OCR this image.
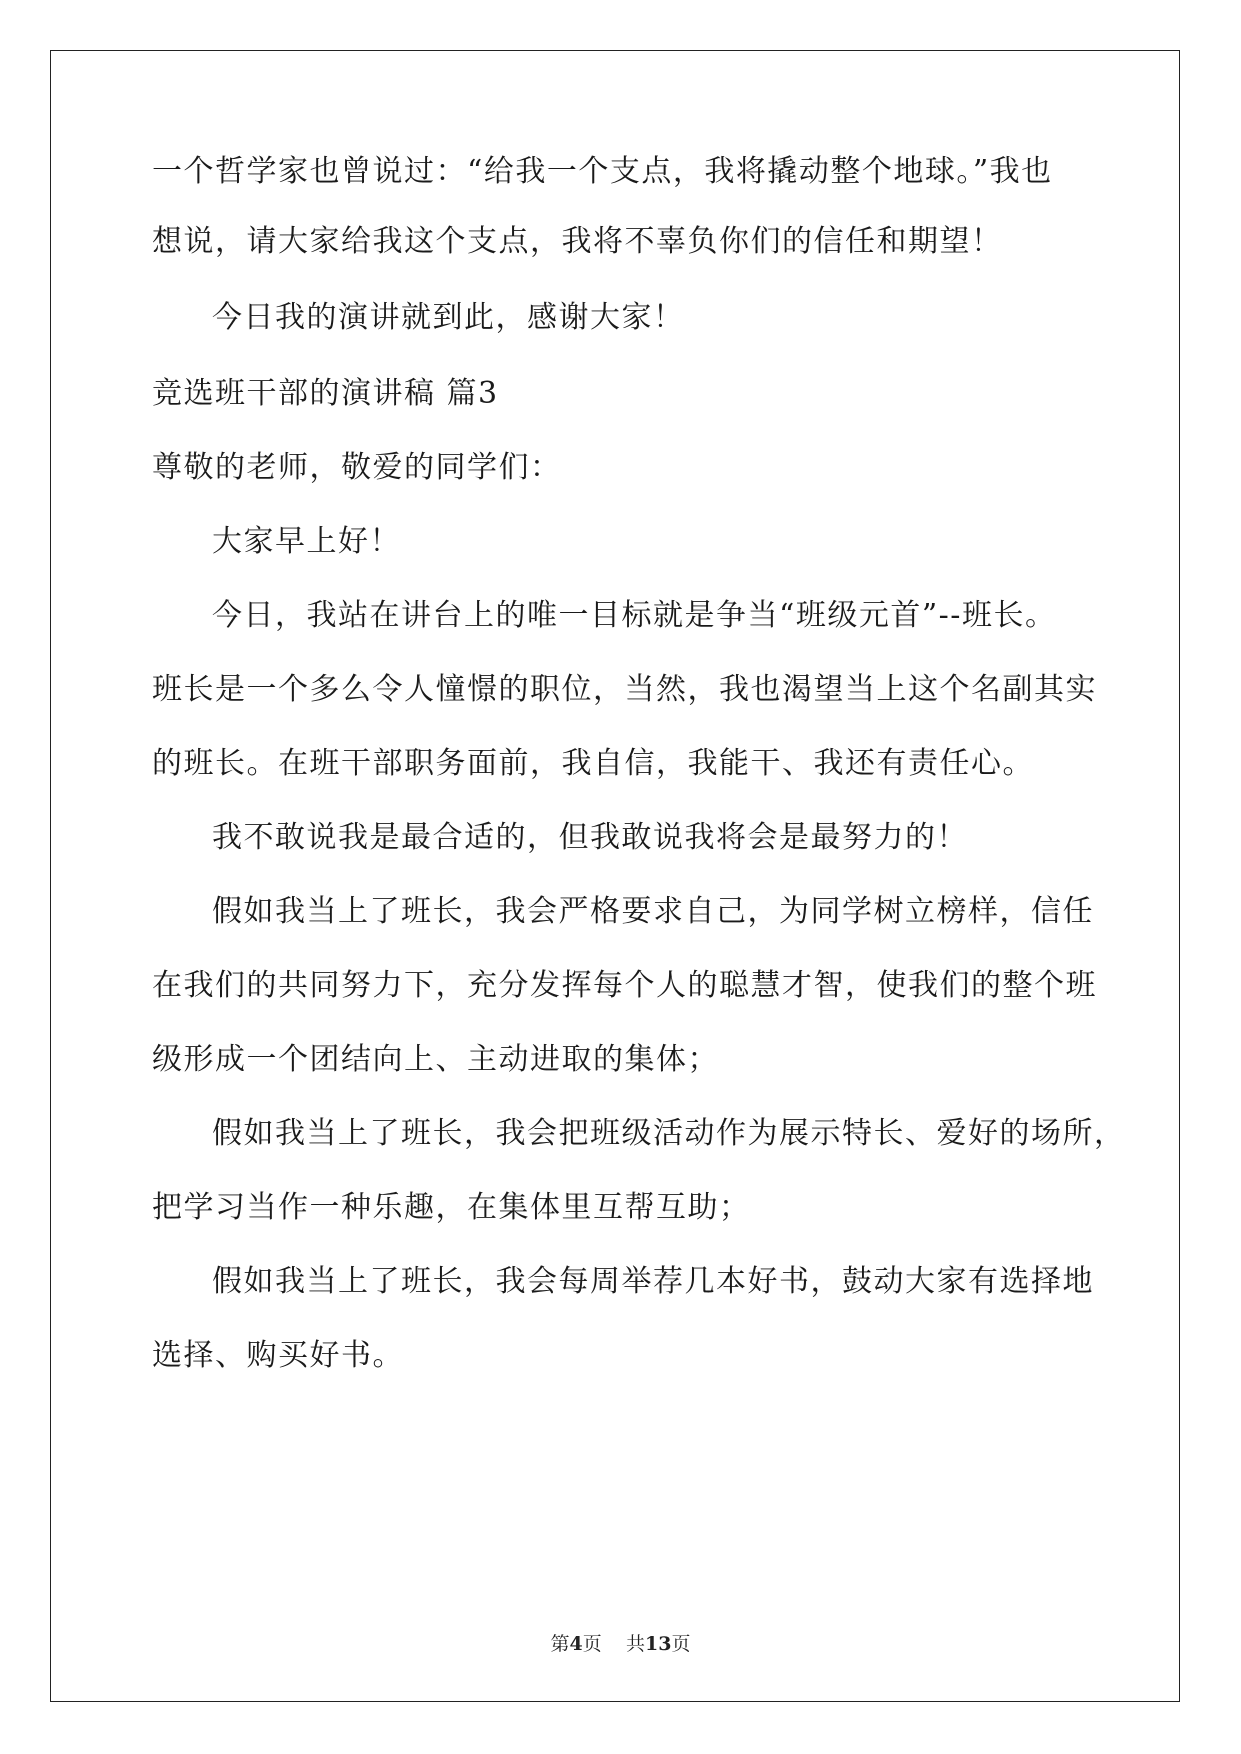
一个哲学家也曾说过：“给我一个支点，我将撬动整个地球。”我也
想说，请大家给我这个支点，我将不辜负你们的信任和期望！
今日我的演讲就到此，感谢大家！
竞选班干部的演讲稿 篇3
尊敬的老师，敬爱的同学们：
大家早上好！
今日，我站在讲台上的唯一目标就是争当“班级元首”--班长。
班长是一个多么令人憧憬的职位，当然，我也渴望当上这个名副其实
的班长。在班干部职务面前，我自信，我能干、我还有责任心。
我不敢说我是最合适的，但我敢说我将会是最努力的！
假如我当上了班长，我会严格要求自己，为同学树立榜样，信任
在我们的共同努力下，充分发挥每个人的聪慧才智，使我们的整个班
级形成一个团结向上、主动进取的集体；
假如我当上了班长，我会把班级活动作为展示特长、爱好的场所，
把学习当作一种乐趣，在集体里互帮互助；
假如我当上了班长，我会每周举荐几本好书，鼓动大家有选择地
选择、购买好书。
第4页 共13页
